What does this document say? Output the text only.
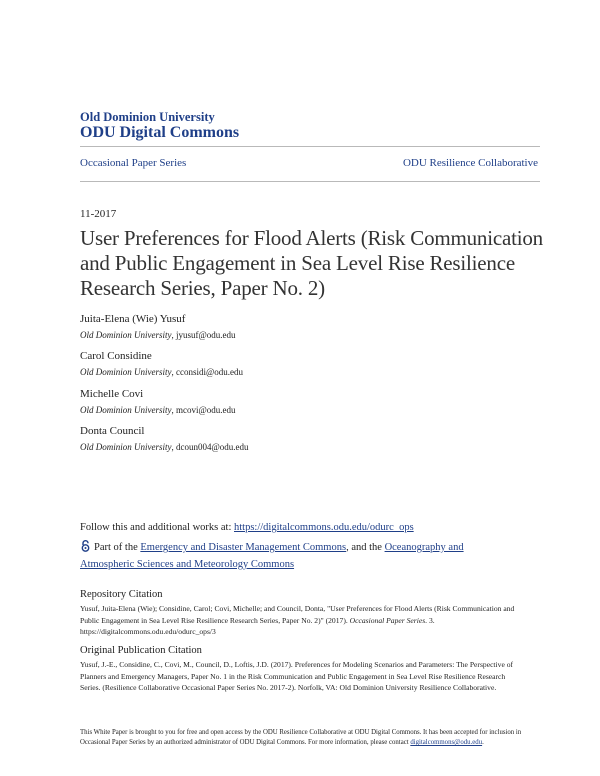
Old Dominion University
ODU Digital Commons
Occasional Paper Series	ODU Resilience Collaborative
11-2017
User Preferences for Flood Alerts (Risk Communication and Public Engagement in Sea Level Rise Resilience Research Series, Paper No. 2)
Juita-Elena (Wie) Yusuf
Old Dominion University, jyusuf@odu.edu
Carol Considine
Old Dominion University, cconsidi@odu.edu
Michelle Covi
Old Dominion University, mcovi@odu.edu
Donta Council
Old Dominion University, dcoun004@odu.edu
Follow this and additional works at: https://digitalcommons.odu.edu/odurc_ops
Part of the Emergency and Disaster Management Commons, and the Oceanography and Atmospheric Sciences and Meteorology Commons
Repository Citation
Yusuf, Juita-Elena (Wie); Considine, Carol; Covi, Michelle; and Council, Donta, "User Preferences for Flood Alerts (Risk Communication and Public Engagement in Sea Level Rise Resilience Research Series, Paper No. 2)" (2017). Occasional Paper Series. 3. https://digitalcommons.odu.edu/odurc_ops/3
Original Publication Citation
Yusuf, J.-E., Considine, C., Covi, M., Council, D., Loftis, J.D. (2017). Preferences for Modeling Scenarios and Parameters: The Perspective of Planners and Emergency Managers, Paper No. 1 in the Risk Communication and Public Engagement in Sea Level Rise Resilience Research Series. (Resilience Collaborative Occasional Paper Series No. 2017-2). Norfolk, VA: Old Dominion University Resilience Collaborative.
This White Paper is brought to you for free and open access by the ODU Resilience Collaborative at ODU Digital Commons. It has been accepted for inclusion in Occasional Paper Series by an authorized administrator of ODU Digital Commons. For more information, please contact digitalcommons@odu.edu.
